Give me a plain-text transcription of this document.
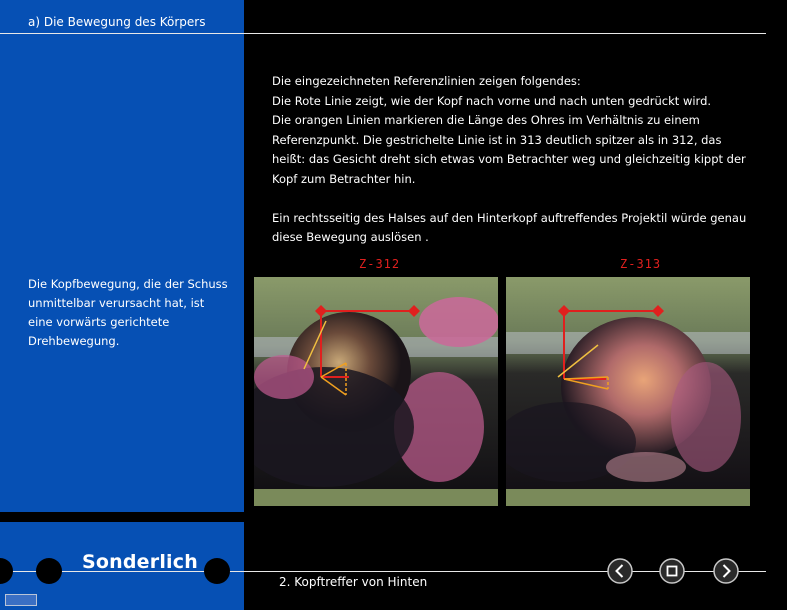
a) Die Bewegung des Körpers
Die Kopfbewegung, die der Schuss
unmittelbar verursacht hat, ist
eine vorwärts gerichtete
Drehbewegung.
Die eingezeichneten Referenzlinien zeigen folgendes:
Die Rote Linie zeigt, wie der Kopf nach vorne und nach unten gedrückt wird.
Die orangen Linien markieren die Länge des Ohres im Verhältnis zu einem
Referenzpunkt. Die gestrichelte Linie ist in 313 deutlich spitzer als in 312, das
heißt: das Gesicht dreht sich etwas vom Betrachter weg und gleichzeitig kippt der
Kopf zum Betrachter hin.
Ein rechtsseitig des Halses auf den Hinterkopf auftreffendes Projektil würde genau
diese Bewegung auslösen .
Z-312	Z-313
Sonderlich
2. Kopftreffer von Hinten
